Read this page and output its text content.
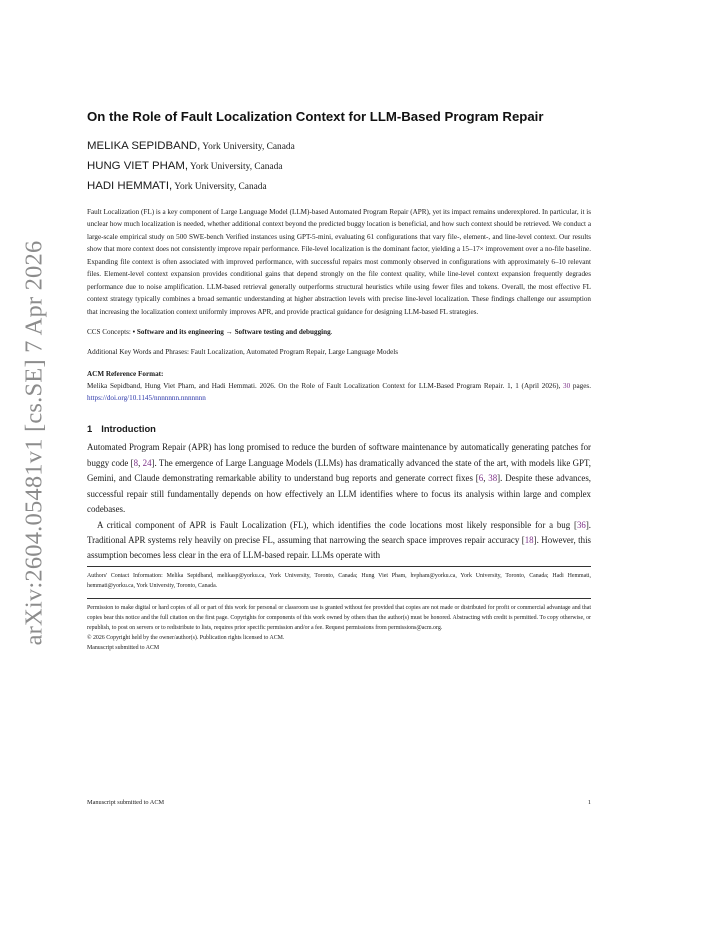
arXiv:2604.05481v1 [cs.SE] 7 Apr 2026
On the Role of Fault Localization Context for LLM-Based Program Repair

MELIKA SEPIDBAND, York University, Canada

HUNG VIET PHAM, York University, Canada

HADI HEMMATI, York University, Canada

Fault Localization (FL) is a key component of Large Language Model (LLM)-based Automated Program Repair (APR), yet its impact remains underexplored. In particular, it is unclear how much localization is needed, whether additional context beyond the predicted buggy location is beneficial, and how such context should be retrieved. We conduct a large-scale empirical study on 500 SWE-bench Verified instances using GPT-5-mini, evaluating 61 configurations that vary file-, element-, and line-level context. Our results show that more context does not consistently improve repair performance. File-level localization is the dominant factor, yielding a 15–17× improvement over a no-file baseline. Expanding file context is often associated with improved performance, with successful repairs most commonly observed in configurations with approximately 6–10 relevant files. Element-level context expansion provides conditional gains that depend strongly on the file context quality, while line-level context expansion frequently degrades performance due to noise amplification. LLM-based retrieval generally outperforms structural heuristics while using fewer files and tokens. Overall, the most effective FL context strategy typically combines a broad semantic understanding at higher abstraction levels with precise line-level localization. These findings challenge our assumption that increasing the localization context uniformly improves APR, and provide practical guidance for designing LLM-based FL strategies.

CCS Concepts: • Software and its engineering → Software testing and debugging.

Additional Key Words and Phrases: Fault Localization, Automated Program Repair, Large Language Models

ACM Reference Format:

Melika Sepidband, Hung Viet Pham, and Hadi Hemmati. 2026. On the Role of Fault Localization Context for LLM-Based Program Repair. 1, 1 (April 2026), 30 pages. https://doi.org/10.1145/nnnnnnn.nnnnnnn

1 Introduction

Automated Program Repair (APR) has long promised to reduce the burden of software maintenance by automatically generating patches for buggy code [8, 24]. The emergence of Large Language Models (LLMs) has dramatically advanced the state of the art, with models like GPT, Gemini, and Claude demonstrating remarkable ability to understand bug reports and generate correct fixes [6, 38]. Despite these advances, successful repair still fundamentally depends on how effectively an LLM identifies where to focus its analysis within large and complex codebases.

A critical component of APR is Fault Localization (FL), which identifies the code locations most likely responsible for a bug [36]. Traditional APR systems rely heavily on precise FL, assuming that narrowing the search space improves repair accuracy [18]. However, this assumption becomes less clear in the era of LLM-based repair. LLMs operate with

Authors' Contact Information: Melika Sepidband, melikasp@yorku.ca, York University, Toronto, Canada; Hung Viet Pham, hvpham@yorku.ca, York University, Toronto, Canada; Hadi Hemmati, hemmati@yorku.ca, York University, Toronto, Canada.

Permission to make digital or hard copies of all or part of this work for personal or classroom use is granted without fee provided that copies are not made or distributed for profit or commercial advantage and that copies bear this notice and the full citation on the first page. Copyrights for components of this work owned by others than the author(s) must be honored. Abstracting with credit is permitted. To copy otherwise, or republish, to post on servers or to redistribute to lists, requires prior specific permission and/or a fee. Request permissions from permissions@acm.org.
© 2026 Copyright held by the owner/author(s). Publication rights licensed to ACM.
Manuscript submitted to ACM

Manuscript submitted to ACM	1
